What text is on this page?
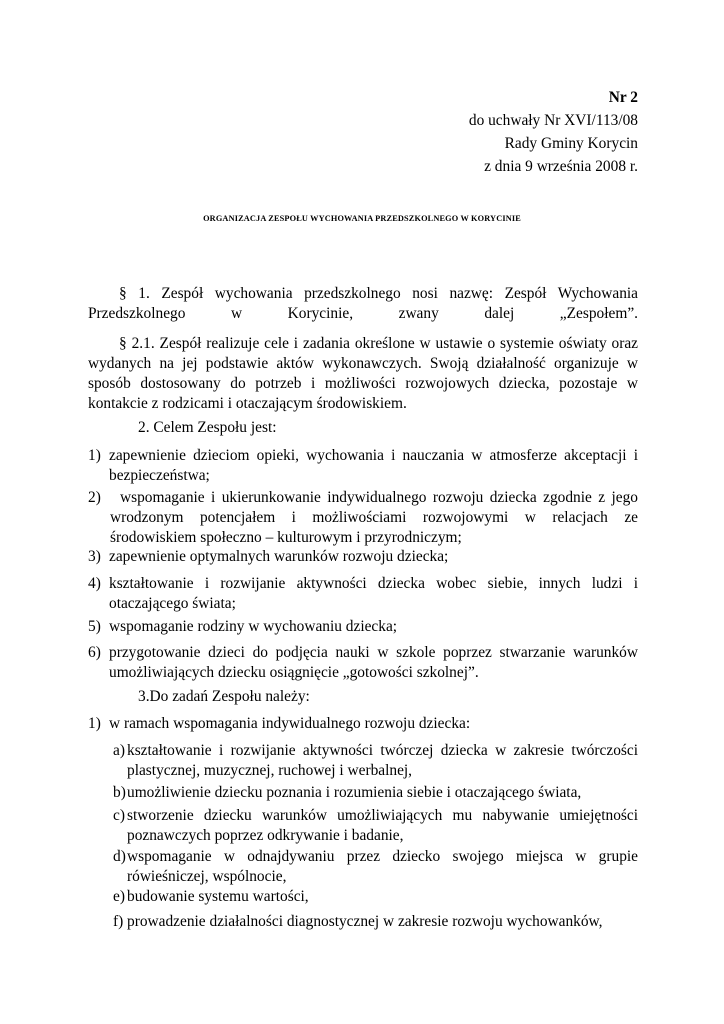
Nr 2
do uchwały Nr XVI/113/08
Rady Gminy Korycin
z dnia 9 września 2008 r.
ORGANIZACJA ZESPOŁU WYCHOWANIA PRZEDSZKOLNEGO W KORYCINIE
§ 1. Zespół wychowania przedszkolnego nosi nazwę: Zespół Wychowania Przedszkolnego w Korycinie, zwany dalej „Zespołem”.
§ 2.1. Zespół realizuje cele i zadania określone w ustawie o systemie oświaty oraz wydanych na jej podstawie aktów wykonawczych. Swoją działalność organizuje w sposób dostosowany do potrzeb i możliwości rozwojowych dziecka, pozostaje w kontakcie z rodzicami i otaczającym środowiskiem.
2. Celem Zespołu jest:
1) zapewnienie dzieciom opieki, wychowania i nauczania w atmosferze akceptacji i bezpieczeństwa;
2)	wspomaganie i ukierunkowanie indywidualnego rozwoju dziecka zgodnie z jego wrodzonym potencjałem i możliwościami rozwojowymi w relacjach ze środowiskiem społeczno – kulturowym i przyrodniczym;
3) zapewnienie optymalnych warunków rozwoju dziecka;
4) kształtowanie i rozwijanie aktywności dziecka wobec siebie, innych ludzi i otaczającego świata;
5) wspomaganie rodziny w wychowaniu dziecka;
6) przygotowanie dzieci do podjęcia nauki w szkole poprzez stwarzanie warunków umożliwiających dziecku osiągnięcie „gotowości szkolnej”.
3.Do zadań Zespołu należy:
1) w ramach wspomagania indywidualnego rozwoju dziecka:
a) kształtowanie i rozwijanie aktywności twórczej dziecka w zakresie twórczości plastycznej, muzycznej, ruchowej i werbalnej,
b) umożliwienie dziecku poznania i rozumienia siebie i otaczającego świata,
c) stworzenie dziecku warunków umożliwiających mu nabywanie umiejętności poznawczych poprzez odkrywanie i badanie,
d) wspomaganie w odnajdywaniu przez dziecko swojego miejsca w grupie rówieśniczej, wspólnocie,
e) budowanie systemu wartości,
f) prowadzenie działalności diagnostycznej w zakresie rozwoju wychowanków,
